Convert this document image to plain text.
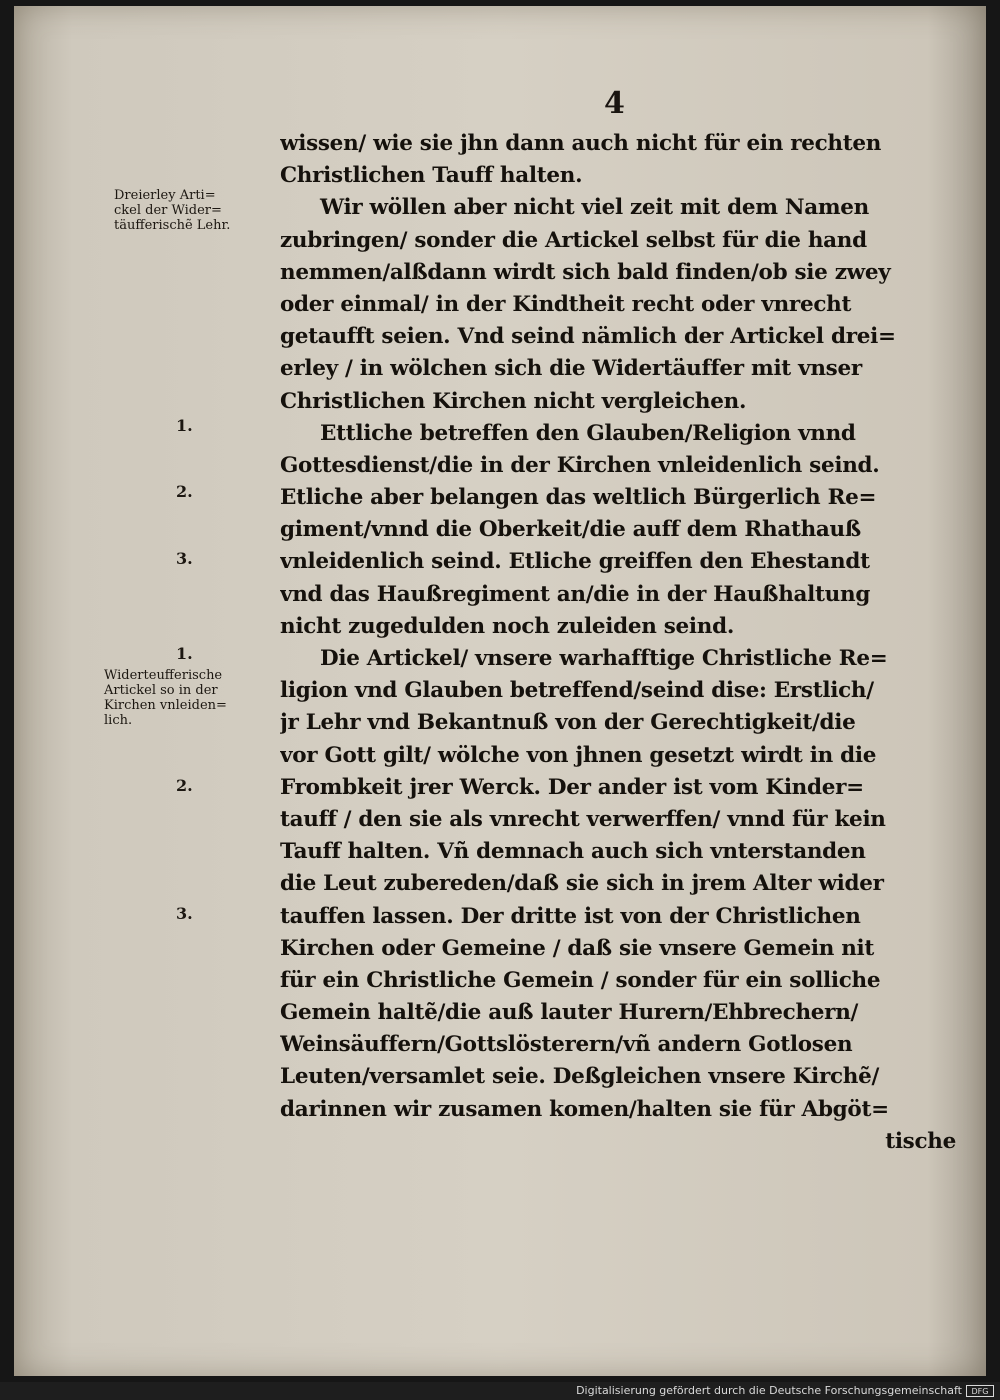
4
Dreierley Arti=
ckel der Wider=
täufferischẽ Lehr.
1.
2.
3.
1.
Widerteufferische
Artickel so in der
Kirchen vnleiden=
lich.
2.
3.
wissen/ wie sie jhn dann auch nicht für ein rechten
Christlichen Tauff halten.
Wir wöllen aber nicht viel zeit mit dem Namen
zubringen/ sonder die Artickel selbst für die hand
nemmen/alßdann wirdt sich bald finden/ob sie zwey
oder einmal/ in der Kindtheit recht oder vnrecht
getaufft seien. Vnd seind nämlich der Artickel drei=
erley / in wölchen sich die Widertäuffer mit vnser
Christlichen Kirchen nicht vergleichen.
Ettliche betreffen den Glauben/Religion vnnd
Gottesdienst/die in der Kirchen vnleidenlich seind.
Etliche aber belangen das weltlich Bürgerlich Re=
giment/vnnd die Oberkeit/die auff dem Rhathauß
vnleidenlich seind. Etliche greiffen den Ehestandt
vnd das Haußregiment an/die in der Haußhaltung
nicht zugedulden noch zuleiden seind.
Die Artickel/ vnsere warhafftige Christliche Re=
ligion vnd Glauben betreffend/seind dise: Erstlich/
jr Lehr vnd Bekantnuß von der Gerechtigkeit/die
vor Gott gilt/ wölche von jhnen gesetzt wirdt in die
Frombkeit jrer Werck. Der ander ist vom Kinder=
tauff / den sie als vnrecht verwerffen/ vnnd für kein
Tauff halten. Vñ demnach auch sich vnterstanden
die Leut zubereden/daß sie sich in jrem Alter wider
tauffen lassen. Der dritte ist von der Christlichen
Kirchen oder Gemeine / daß sie vnsere Gemein nit
für ein Christliche Gemein / sonder für ein solliche
Gemein haltẽ/die auß lauter Hurern/Ehbrechern/
Weinsäuffern/Gottslösterern/vñ andern Gotlosen
Leuten/versamlet seie. Deßgleichen vnsere Kirchẽ/
darinnen wir zusamen komen/halten sie für Abgöt=
tische
Digitalisierung gefördert durch die Deutsche Forschungsgemeinschaft	DFG
